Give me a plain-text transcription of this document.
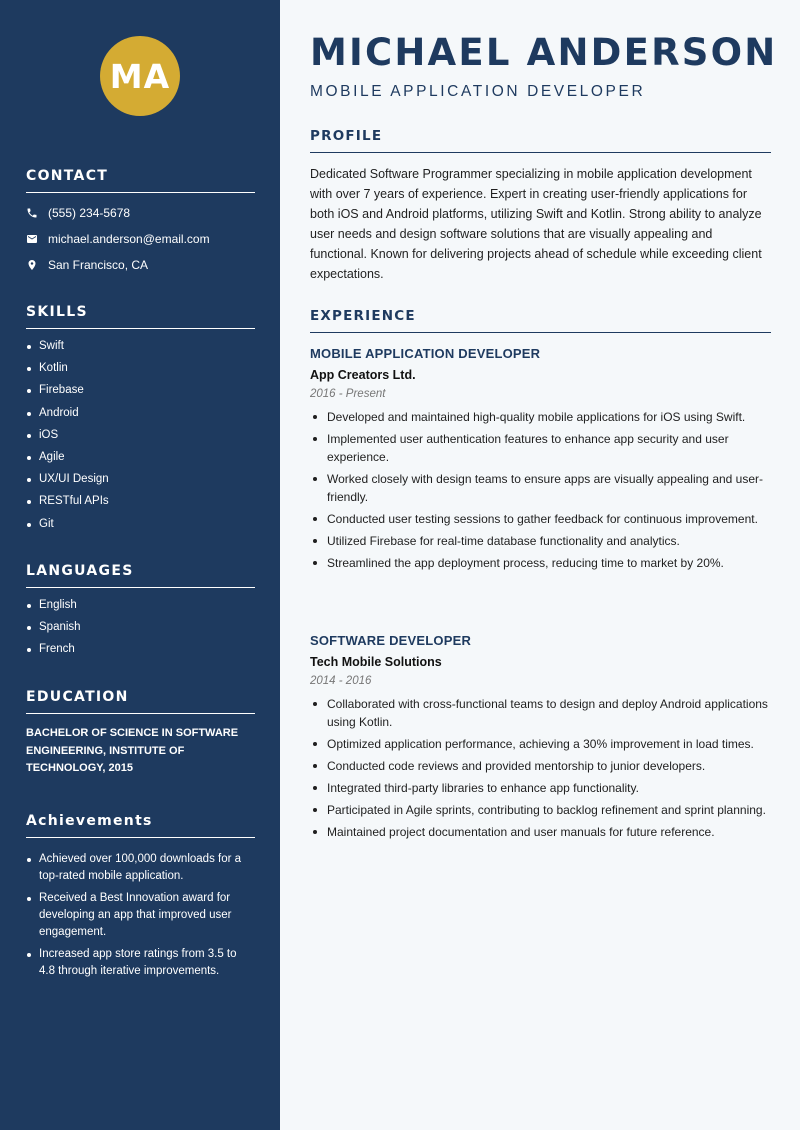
MA
CONTACT
(555) 234-5678
michael.anderson@email.com
San Francisco, CA
SKILLS
Swift
Kotlin
Firebase
Android
iOS
Agile
UX/UI Design
RESTful APIs
Git
LANGUAGES
English
Spanish
French
EDUCATION
BACHELOR OF SCIENCE IN SOFTWARE ENGINEERING, INSTITUTE OF TECHNOLOGY, 2015
Achievements
Achieved over 100,000 downloads for a top-rated mobile application.
Received a Best Innovation award for developing an app that improved user engagement.
Increased app store ratings from 3.5 to 4.8 through iterative improvements.
MICHAEL ANDERSON
MOBILE APPLICATION DEVELOPER
PROFILE
Dedicated Software Programmer specializing in mobile application development with over 7 years of experience. Expert in creating user-friendly applications for both iOS and Android platforms, utilizing Swift and Kotlin. Strong ability to analyze user needs and design software solutions that are visually appealing and functional. Known for delivering projects ahead of schedule while exceeding client expectations.
EXPERIENCE
MOBILE APPLICATION DEVELOPER
App Creators Ltd.
2016 - Present
Developed and maintained high-quality mobile applications for iOS using Swift.
Implemented user authentication features to enhance app security and user experience.
Worked closely with design teams to ensure apps are visually appealing and user-friendly.
Conducted user testing sessions to gather feedback for continuous improvement.
Utilized Firebase for real-time database functionality and analytics.
Streamlined the app deployment process, reducing time to market by 20%.
SOFTWARE DEVELOPER
Tech Mobile Solutions
2014 - 2016
Collaborated with cross-functional teams to design and deploy Android applications using Kotlin.
Optimized application performance, achieving a 30% improvement in load times.
Conducted code reviews and provided mentorship to junior developers.
Integrated third-party libraries to enhance app functionality.
Participated in Agile sprints, contributing to backlog refinement and sprint planning.
Maintained project documentation and user manuals for future reference.
